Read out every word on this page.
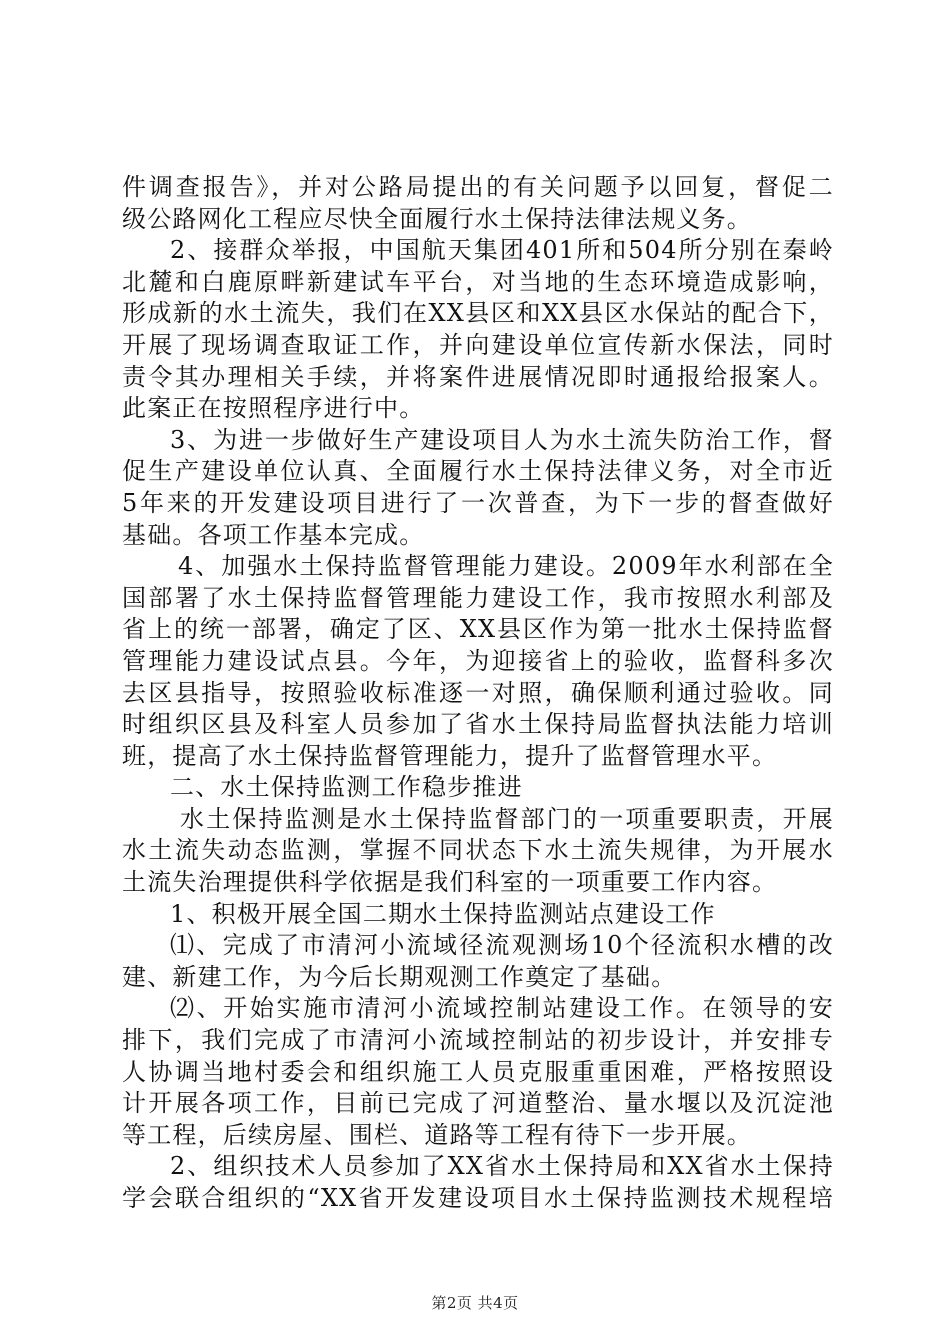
件调查报告》，并对公路局提出的有关问题予以回复，督促二
级公路网化工程应尽快全面履行水土保持法律法规义务。
2、接群众举报，中国航天集团401所和504所分别在秦岭
北麓和白鹿原畔新建试车平台，对当地的生态环境造成影响，
形成新的水土流失，我们在XX县区和XX县区水保站的配合下，
开展了现场调查取证工作，并向建设单位宣传新水保法，同时
责令其办理相关手续，并将案件进展情况即时通报给报案人。
此案正在按照程序进行中。
3、为进一步做好生产建设项目人为水土流失防治工作，督
促生产建设单位认真、全面履行水土保持法律义务，对全市近
5年来的开发建设项目进行了一次普查，为下一步的督查做好
基础。各项工作基本完成。
4、加强水土保持监督管理能力建设。2009年水利部在全
国部署了水土保持监督管理能力建设工作，我市按照水利部及
省上的统一部署，确定了区、XX县区作为第一批水土保持监督
管理能力建设试点县。今年，为迎接省上的验收，监督科多次
去区县指导，按照验收标准逐一对照，确保顺利通过验收。同
时组织区县及科室人员参加了省水土保持局监督执法能力培训
班，提高了水土保持监督管理能力，提升了监督管理水平。
二、水土保持监测工作稳步推进
水土保持监测是水土保持监督部门的一项重要职责，开展
水土流失动态监测，掌握不同状态下水土流失规律，为开展水
土流失治理提供科学依据是我们科室的一项重要工作内容。
1、积极开展全国二期水土保持监测站点建设工作
⑴、完成了市清河小流域径流观测场10个径流积水槽的改
建、新建工作，为今后长期观测工作奠定了基础。
⑵、开始实施市清河小流域控制站建设工作。在领导的安
排下，我们完成了市清河小流域控制站的初步设计，并安排专
人协调当地村委会和组织施工人员克服重重困难，严格按照设
计开展各项工作，目前已完成了河道整治、量水堰以及沉淀池
等工程，后续房屋、围栏、道路等工程有待下一步开展。
2、组织技术人员参加了XX省水土保持局和XX省水土保持
学会联合组织的“XX省开发建设项目水土保持监测技术规程培
第2页 共4页
